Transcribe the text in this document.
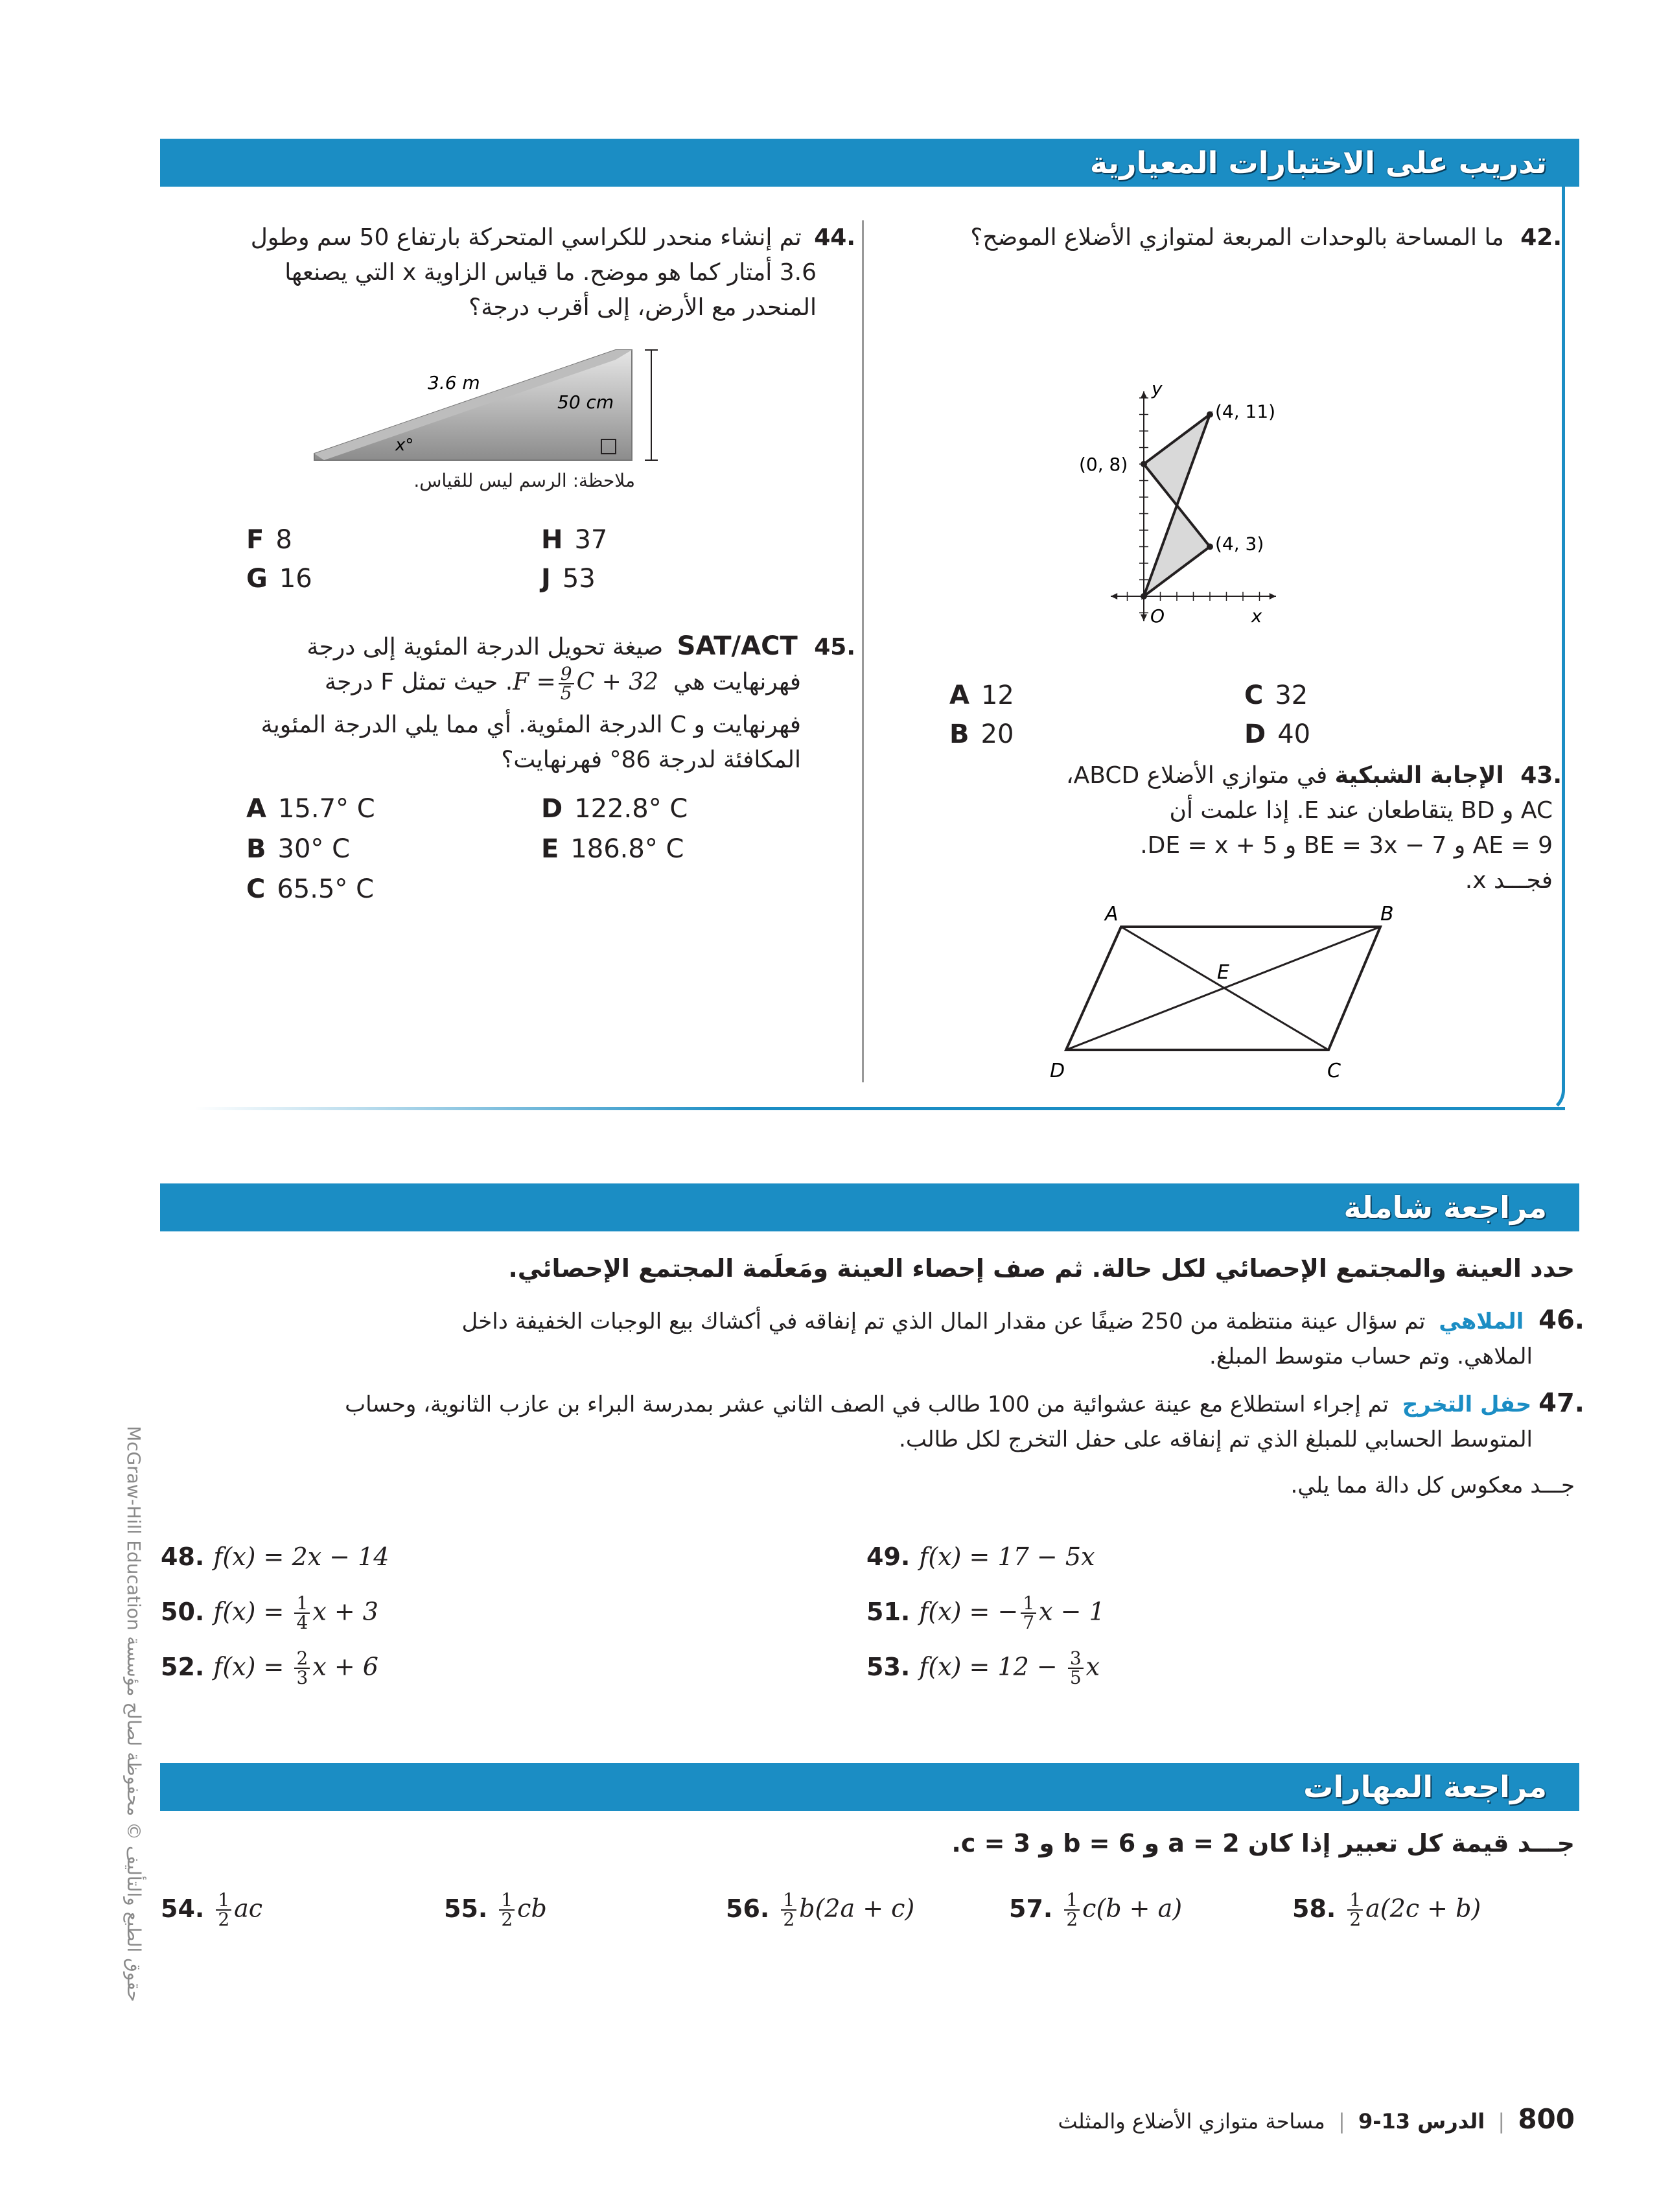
تدريب على الاختبارات المعيارية
.42 ما المساحة بالوحدات المربعة لمتوازي الأضلاع الموضح؟
(4, 11)
(0, 8)
(4, 3)
y
x
O
A 12
B 20
C 32
D 40
.43 الإجابة الشبكية في متوازي الأضلاع ABCD،
AC و BD يتقاطعان عند E. إذا علمت أن
AE = 9 و BE = 3x − 7 و DE = x + 5.
فجـــد x.
A	B
C
D
E
.44 تم إنشاء منحدر للكراسي المتحركة بارتفاع 50 سم وطول
3.6 أمتار كما هو موضح. ما قياس الزاوية x التي يصنعها
المنحدر مع الأرض، إلى أقرب درجة؟
3.6 m
50 cm
x°
ملاحظة: الرسم ليس للقياس.
F 8
G 16
H 37
J 53
.45 SAT/ACT صيغة تحويل الدرجة المئوية إلى درجة
فهرنهايت هي $F = \frac{9}{5}$ C + 32 . حيث تمثل F درجة
فهرنهايت و C الدرجة المئوية. أي مما يلي الدرجة المئوية
المكافئة لدرجة 86° فهرنهايت؟
A 15.7° C
B 30° C
C 65.5° C
D 122.8° C
E 186.8° C
مراجعة شاملة
حدد العينة والمجتمع الإحصائي لكل حالة. ثم صف إحصاء العينة ومَعلَمة المجتمع الإحصائي.
.46 الملاهي تم سؤال عينة منتظمة من 250 ضيفًا عن مقدار المال الذي تم إنفاقه في أكشاك بيع الوجبات الخفيفة داخل
الملاهي. وتم حساب متوسط المبلغ.
.47 حفل التخرج تم إجراء استطلاع مع عينة عشوائية من 100 طالب في الصف الثاني عشر بمدرسة البراء بن عازب الثانوية، وحساب
المتوسط الحسابي للمبلغ الذي تم إنفاقه على حفل التخرج لكل طالب.
جـــد معكوس كل دالة مما يلي.
48. f(x) = 2x − 14	49. f(x) = 17 − 5x
50. $f(x) = \frac{1}{4}$ x + 3	51. f(x) = − $\frac{1}{7}$ x − 1
52. $f(x) = \frac{2}{3}$ x + 6	53. $f(x) = 12 - \frac{3}{5}$ x
مراجعة المهارات
جـــد قيمة كل تعبير إذا كان a = 2 و b = 6 و c = 3.
54. $\frac{1}{2}$ ac	55. $\frac{1}{2}$ cb	56. $\frac{1}{2} b(2a + c)$	57. $\frac{1}{2} c(b + a)$	58. $\frac{1}{2} a(2c + b)$
حقوق الطبع والتأليف © محفوظة لصالح مؤسسة McGraw-Hill Education
800 | الدرس 13-9 | مساحة متوازي الأضلاع والمثلث
